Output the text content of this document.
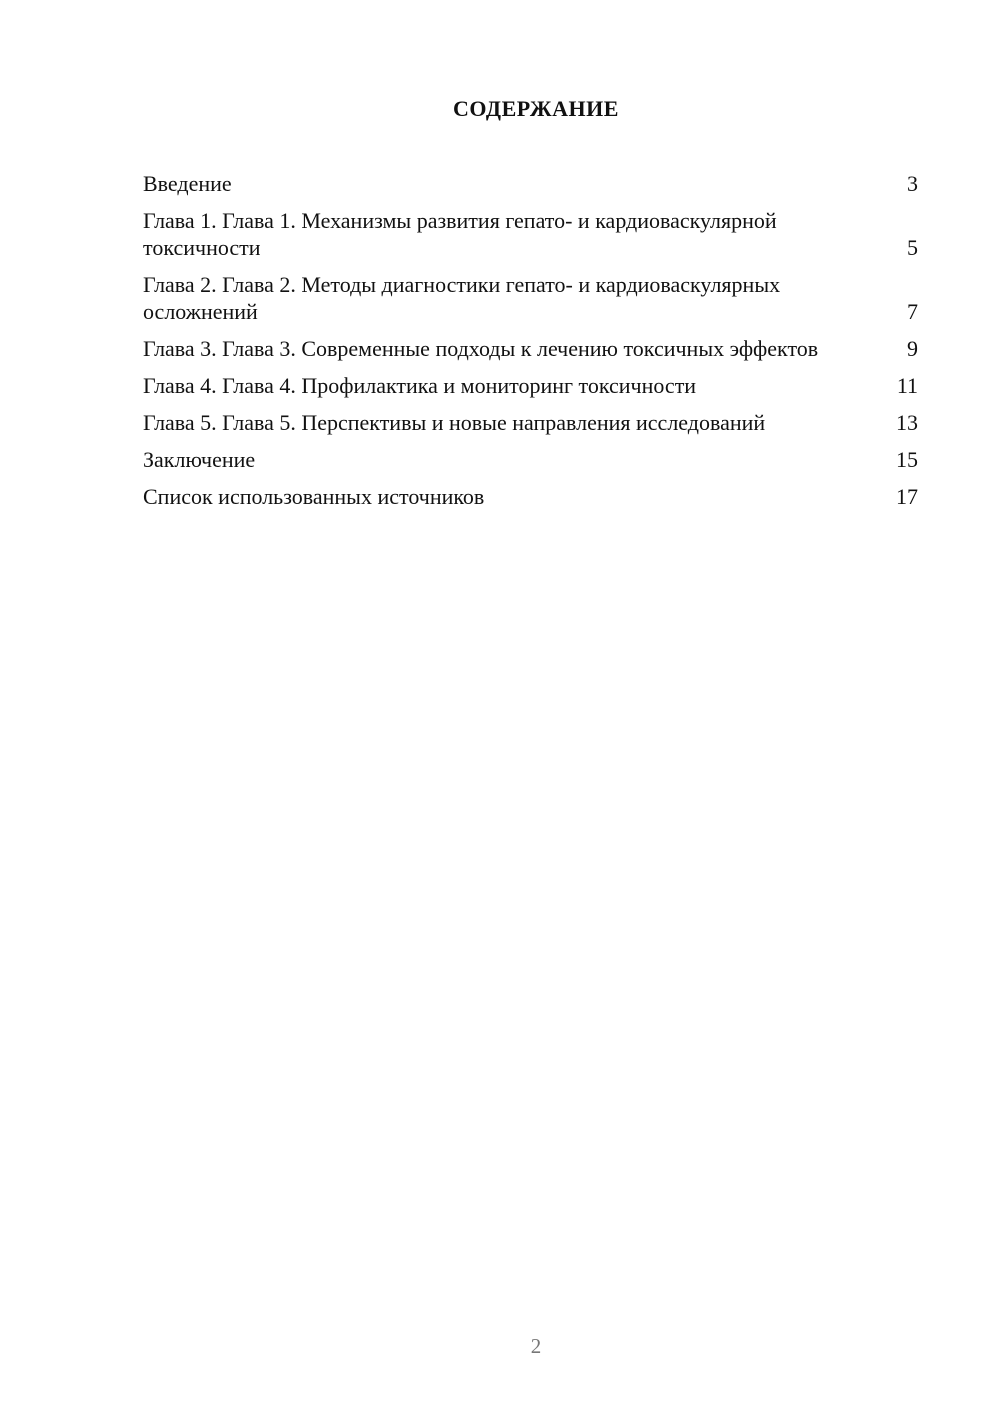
СОДЕРЖАНИЕ
Введение	3
Глава 1. Глава 1. Механизмы развития гепато- и кардиоваскулярной токсичности	5
Глава 2. Глава 2. Методы диагностики гепато- и кардиоваскулярных осложнений	7
Глава 3. Глава 3. Современные подходы к лечению токсичных эффектов	9
Глава 4. Глава 4. Профилактика и мониторинг токсичности	11
Глава 5. Глава 5. Перспективы и новые направления исследований	13
Заключение	15
Список использованных источников	17
2
